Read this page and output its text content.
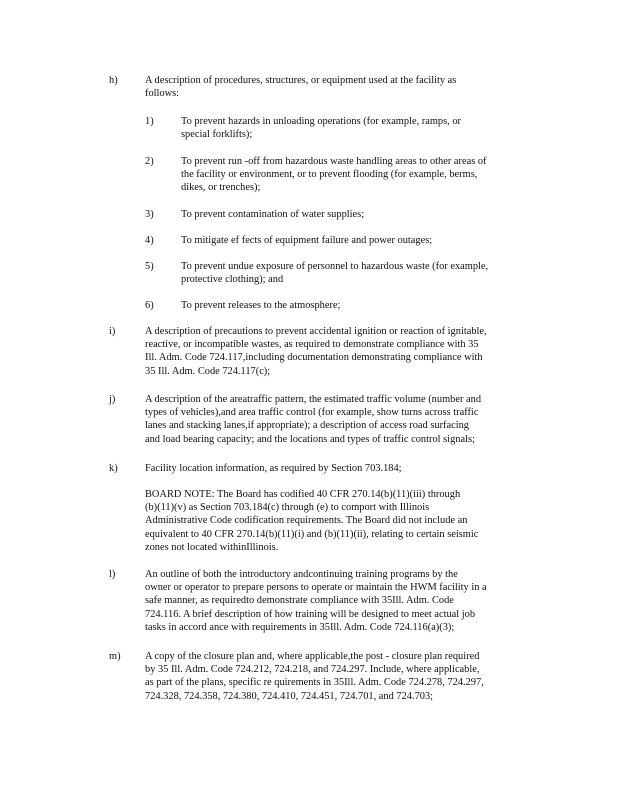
h)	A description of procedures, structures, or equipment used at the facility as
follows:
1)	To prevent hazards in unloading operations (for example, ramps, or
special forklifts);
2)	To prevent run -off from hazardous waste handling areas to other areas of
the facility or environment, or to prevent flooding (for example, berms,
dikes, or trenches);
3)	To prevent contamination of water supplies;
4)	To mitigate ef fects of equipment failure and power outages;
5)	To prevent undue exposure of personnel to hazardous waste (for example,
protective clothing); and
6)	To prevent releases to the atmosphere;
i)	A description of precautions to prevent accidental ignition or reaction of ignitable,
reactive, or incompatible wastes, as required to demonstrate compliance with 35
Ill. Adm. Code 724.117,including documentation demonstrating compliance with
35 Ill. Adm. Code 724.117(c);
j)	A description of the areatraffic pattern, the estimated traffic volume (number and
types of vehicles),and area traffic control (for example, show turns across traffic
lanes and stacking lanes,if appropriate); a description of access road surfacing
and load bearing capacity; and the locations and types of traffic control signals;
k)	Facility location information, as required by Section 703.184;
BOARD NOTE: The Board has codified 40 CFR 270.14(b)(11)(iii) through
(b)(11)(v) as Section 703.184(c) through (e) to comport with Illinois
Administrative Code codification requirements. The Board did not include an
equivalent to 40 CFR 270.14(b)(11)(i) and (b)(11)(ii), relating to certain seismic
zones not located withinIllinois.
l)	An outline of both the introductory andcontinuing training programs by the
owner or operator to prepare persons to operate or maintain the HWM facility in a
safe manner, as requiredto demonstrate compliance with 35Ill. Adm. Code
724.116. A brief description of how training will be designed to meet actual job
tasks in accord ance with requirements in 35Ill. Adm. Code 724.116(a)(3);
m) A copy of the closure plan and, where applicable,the post - closure plan required
by 35 Ill. Adm. Code 724.212, 724.218, and 724.297. Include, where applicable,
as part of the plans, specific re quirements in 35Ill. Adm. Code 724.278, 724.297,
724.328, 724.358, 724.380, 724.410, 724.451, 724.701, and 724.703;
